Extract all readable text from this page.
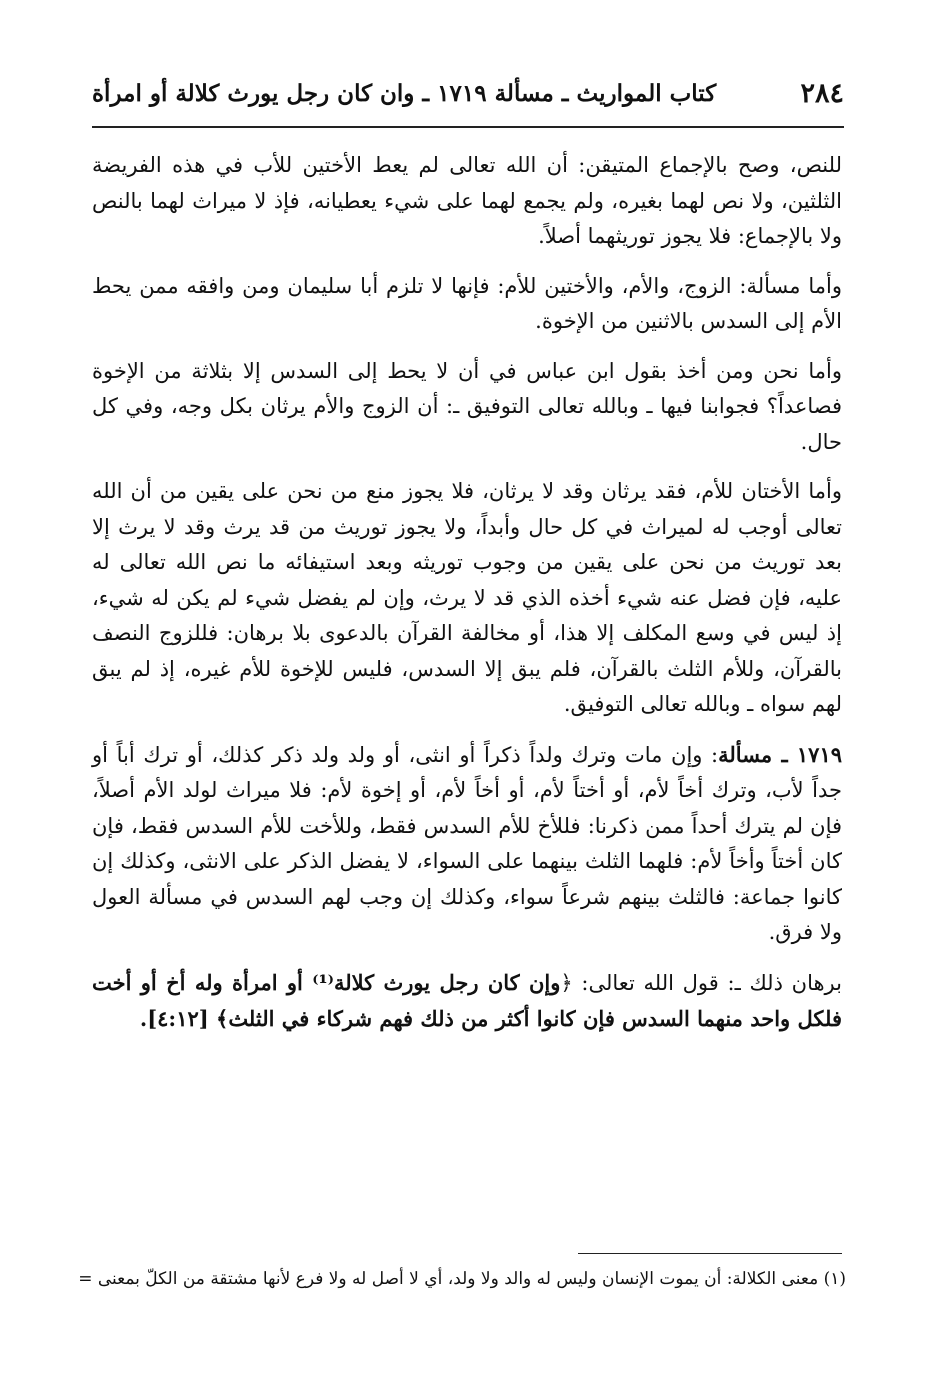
٢٨٤
كتاب المواريث ـ مسألة ١٧١٩ ـ وان كان رجل يورث كلالة أو امرأة

للنص، وصح بالإجماع المتيقن: أن الله تعالى لم يعط الأختين للأب في هذه الفريضة الثلثين، ولا نص لهما بغيره، ولم يجمع لهما على شيء يعطيانه، فإذ لا ميراث لهما بالنص ولا بالإجماع: فلا يجوز توريثهما أصلاً.

وأما مسألة: الزوج، والأم، والأختين للأم: فإنها لا تلزم أبا سليمان ومن وافقه ممن يحط الأم إلى السدس بالاثنين من الإخوة.

وأما نحن ومن أخذ بقول ابن عباس في أن لا يحط إلى السدس إلا بثلاثة من الإخوة فصاعداً؟ فجوابنا فيها ـ وبالله تعالى التوفيق ـ: أن الزوج والأم يرثان بكل وجه، وفي كل حال.

وأما الأختان للأم، فقد يرثان وقد لا يرثان، فلا يجوز منع من نحن على يقين من أن الله تعالى أوجب له لميراث في كل حال وأبداً، ولا يجوز توريث من قد يرث وقد لا يرث إلا بعد توريث من نحن على يقين من وجوب توريثه وبعد استيفائه ما نص الله تعالى له عليه، فإن فضل عنه شيء أخذه الذي قد لا يرث، وإن لم يفضل شيء لم يكن له شيء، إذ ليس في وسع المكلف إلا هذا، أو مخالفة القرآن بالدعوى بلا برهان: فللزوج النصف بالقرآن، وللأم الثلث بالقرآن، فلم يبق إلا السدس، فليس للإخوة للأم غيره، إذ لم يبق لهم سواه ـ وبالله تعالى التوفيق.

١٧١٩ ـ مسألة: وإن مات وترك ولداً ذكراً أو انثى، أو ولد ولد ذكر كذلك، أو ترك أباً أو جداً لأب، وترك أخاً لأم، أو أختاً لأم، أو أخاً لأم، أو إخوة لأم: فلا ميراث لولد الأم أصلاً، فإن لم يترك أحداً ممن ذكرنا: فللأخ للأم السدس فقط، وللأخت للأم السدس فقط، فإن كان أختاً وأخاً لأم: فلهما الثلث بينهما على السواء، لا يفضل الذكر على الانثى، وكذلك إن كانوا جماعة: فالثلث بينهم شرعاً سواء، وكذلك إن وجب لهم السدس في مسألة العول ولا فرق.

برهان ذلك ـ: قول الله تعالى: ﴿وإن كان رجل يورث كلالة⁽¹⁾ أو امرأة وله أخ أو أخت فلكل واحد منهما السدس فإن كانوا أكثر من ذلك فهم شركاء في الثلث﴾ [٤:١٢].

(١) معنى الكلالة: أن يموت الإنسان وليس له والد ولا ولد، أي لا أصل له ولا فرع لأنها مشتقة من الكلّ بمعنى =
